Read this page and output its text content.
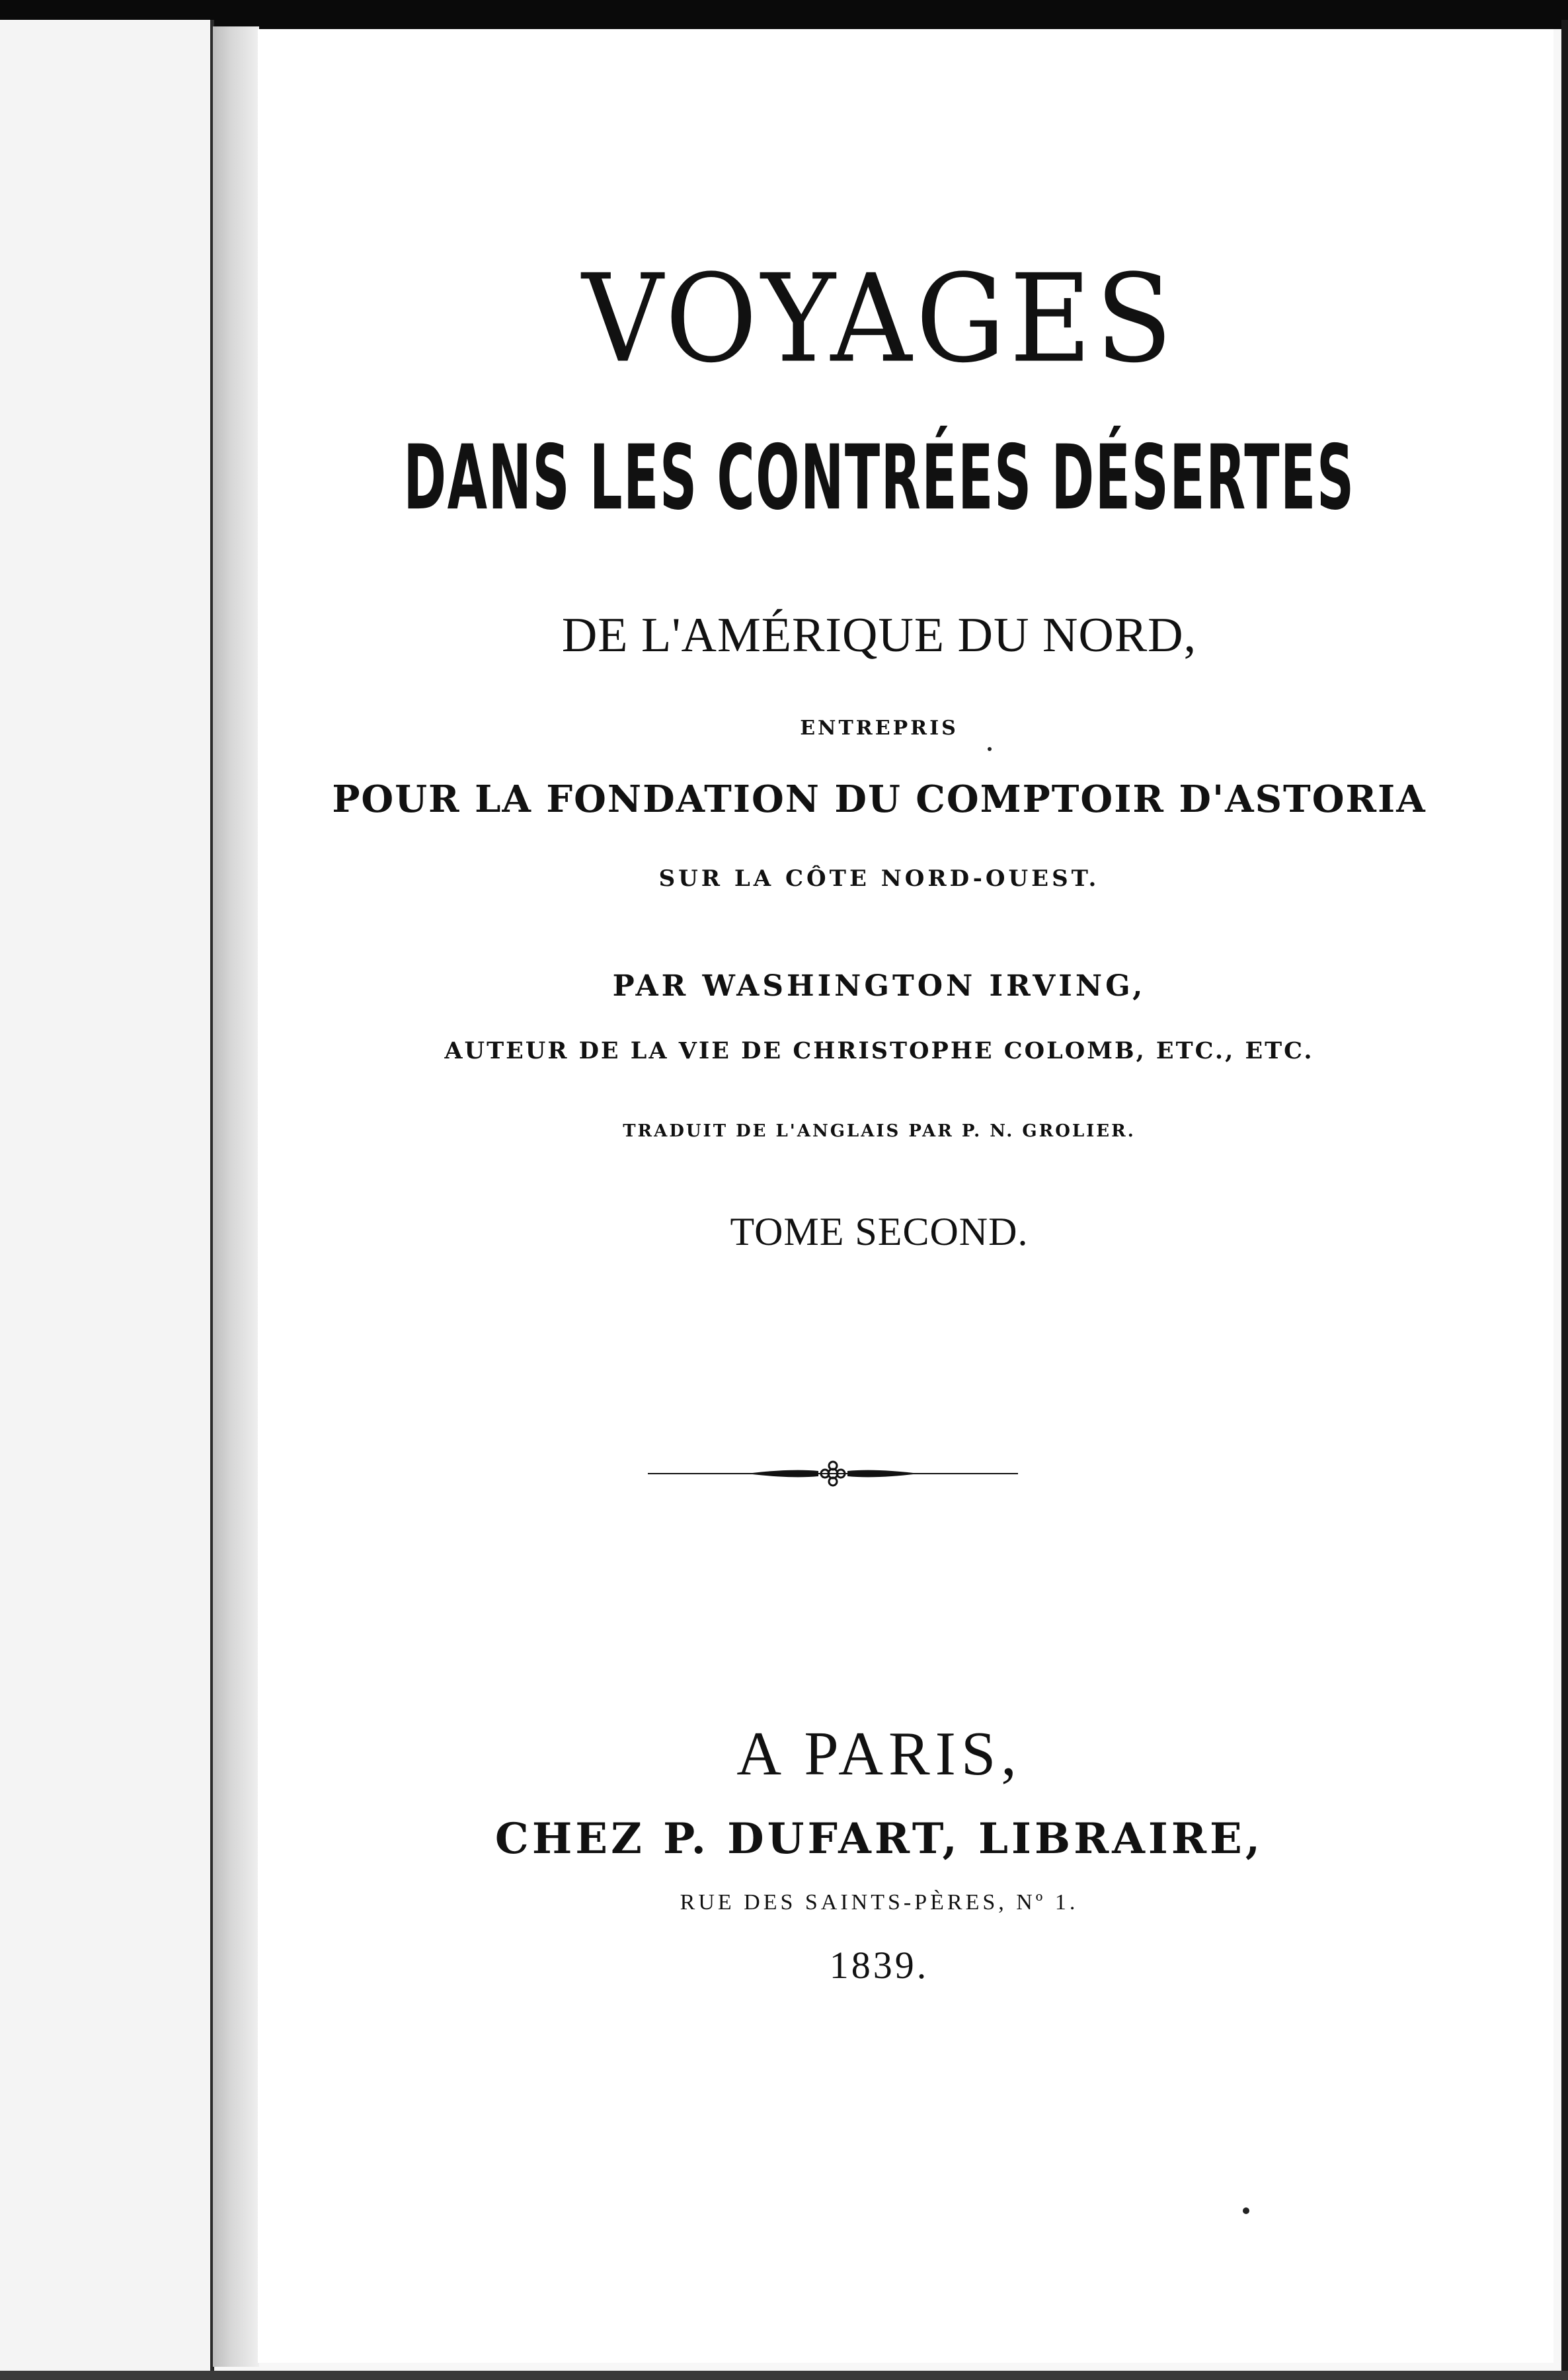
VOYAGES
DANS LES CONTRÉES DÉSERTES
DE L'AMÉRIQUE DU NORD,
ENTREPRIS
POUR LA FONDATION DU COMPTOIR D'ASTORIA
SUR LA CÔTE NORD-OUEST.
PAR WASHINGTON IRVING,
AUTEUR DE LA VIE DE CHRISTOPHE COLOMB, ETC., ETC.
TRADUIT DE L'ANGLAIS PAR P. N. GROLIER.
TOME SECOND.
A PARIS,
CHEZ P. DUFART, LIBRAIRE,
RUE DES SAINTS-PÈRES, Nº 1.
1839.
